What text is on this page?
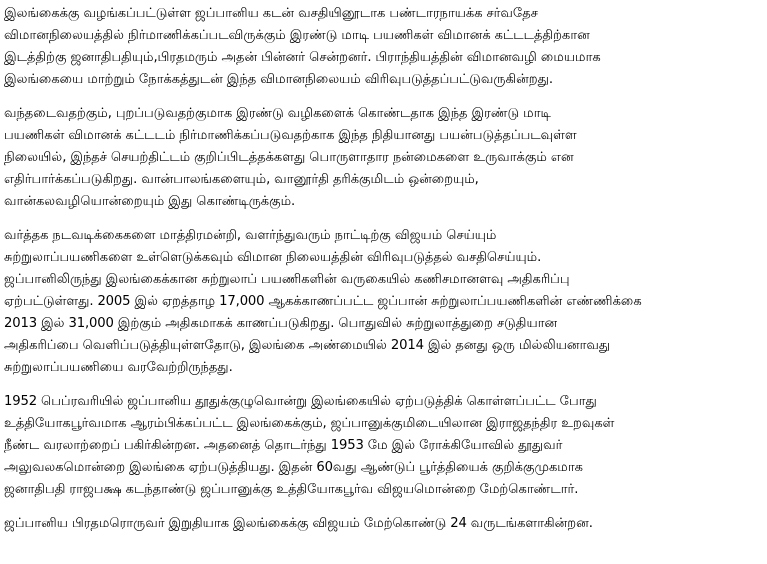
இலங்கைக்கு வழங்கப்பட்டுள்ள ஜப்பானிய கடன் வசதியினூடாக பண்டாரநாயக்க சர்வதேச
விமானநிலையத்தில் நிர்மாணிக்கப்படவிருக்கும் இரண்டு மாடி பயணிகள் விமானக் கட்டடத்திற்கான
இடத்திற்கு ஜனாதிபதியும்,பிரதமரும் அதன் பின்னர் சென்றனர். பிராந்தியத்தின் விமானவழி மையமாக
இலங்கையை மாற்றும் நோக்கத்துடன் இந்த விமானநிலையம் விரிவுபடுத்தப்பட்டுவருகின்றது.

வந்தடைவதற்கும், புறப்படுவதற்குமாக இரண்டு வழிகளைக் கொண்டதாக இந்த இரண்டு மாடி
பயணிகள் விமானக் கட்டடம் நிர்மாணிக்கப்படுவதற்காக இந்த நிதியானது பயன்படுத்தப்படவுள்ள
நிலையில், இந்தச் செயற்திட்டம் குறிப்பிடத்தக்களது பொருளாதார நன்மைகளை உருவாக்கும் என
எதிர்பார்க்கப்படுகிறது. வான்பாலங்களையும், வானூர்தி தரிக்குமிடம் ஒன்றையும்,
வான்கலவழியொன்றையும் இது கொண்டிருக்கும்.

வர்த்தக நடவடிக்கைகளை மாத்திரமன்றி, வளர்ந்துவரும் நாட்டிற்கு விஜயம் செய்யும்
சுற்றுலாப்பயணிகளை உள்ளெடுக்கவும் விமான நிலையத்தின் விரிவுபடுத்தல் வசதிசெய்யும்.
ஜப்பானிலிருந்து இலங்கைக்கான சுற்றுலாப் பயணிகளின் வருகையில் கணிசமானளவு அதிகரிப்பு
ஏற்பட்டுள்ளது. 2005 இல் ஏறத்தாழ 17,000 ஆகக்காணப்பட்ட ஜப்பான் சுற்றுலாப்பயணிகளின் எண்ணிக்கை
2013 இல் 31,000 இற்கும் அதிகமாகக் காணப்படுகிறது. பொதுவில் சுற்றுலாத்துறை சடுதியான
அதிகரிப்பை வெளிப்படுத்தியுள்ளதோடு, இலங்கை அண்மையில் 2014 இல் தனது ஒரு மில்லியனாவது
சுற்றுலாப்பயணியை வரவேற்றிருந்தது.

1952 பெப்ரவரியில் ஜப்பானிய தூதுக்குழுவொன்று இலங்கையில் ஏற்படுத்திக் கொள்ளப்பட்ட போது
உத்தியோகபூர்வமாக ஆரம்பிக்கப்பட்ட இலங்கைக்கும், ஜப்பானுக்குமிடையிலான இராஜதந்திர உறவுகள்
நீண்ட வரலாற்றைப் பகிர்கின்றன. அதனைத் தொடர்ந்து 1953 மே இல் ரோக்கியோவில் தூதுவர்
அலுவலகமொன்றை இலங்கை ஏற்படுத்தியது. இதன் 60வது ஆண்டுப் பூர்த்தியைக் குறிக்குமுகமாக
ஜனாதிபதி ராஜபக்ஷ கடந்தாண்டு ஜப்பானுக்கு உத்தியோகபூர்வ விஜயமொன்றை மேற்கொண்டார்.

ஜப்பானிய பிரதமரொருவர் இறுதியாக இலங்கைக்கு விஜயம் மேற்கொண்டு 24 வருடங்களாகின்றன.
